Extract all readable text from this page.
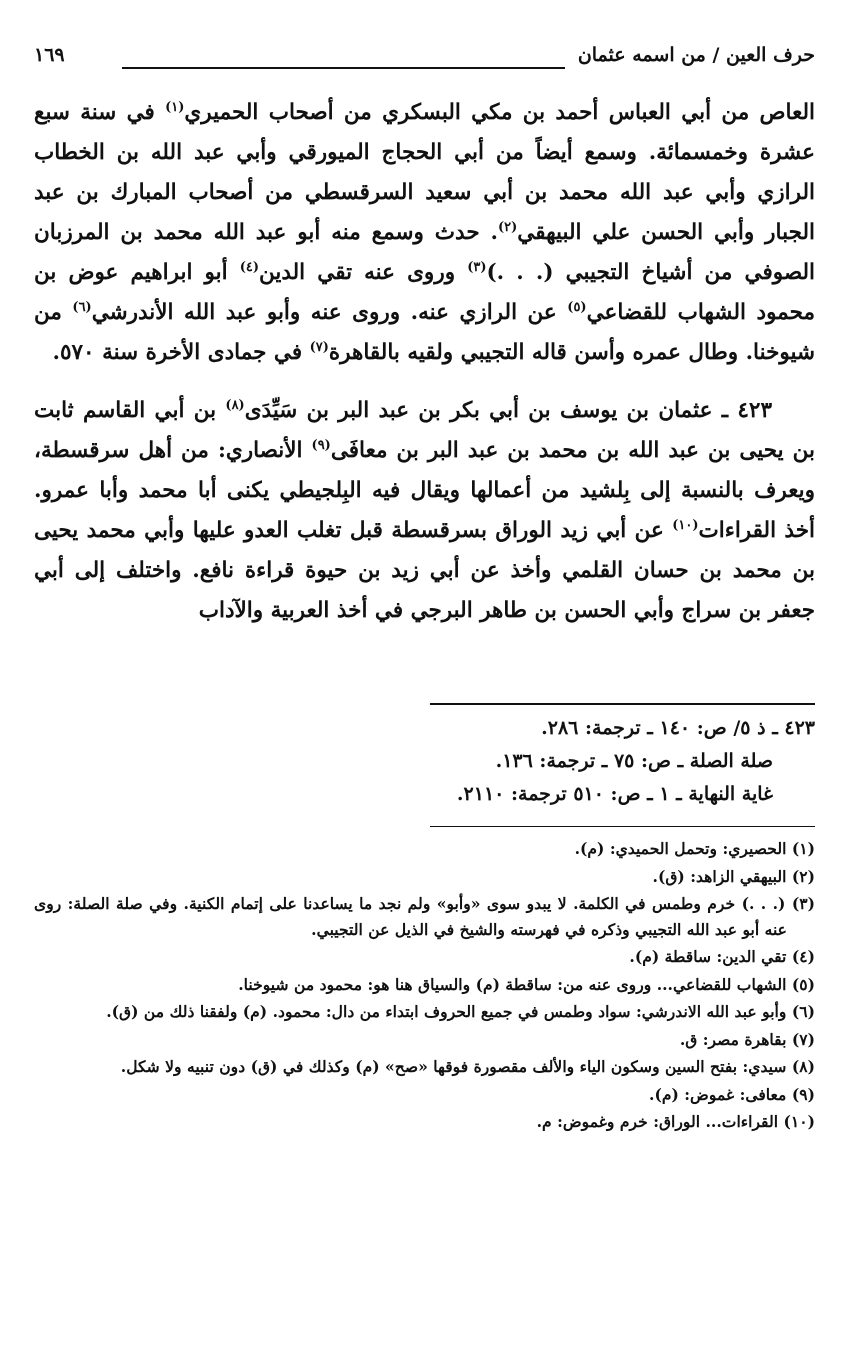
حرف العين / من اسمه عثمان
١٦٩

العاص من أبي العباس أحمد بن مكي البسكري من أصحاب الحميري$^{(١)}$ في سنة سبع عشرة وخمسمائة. وسمع أيضاً من أبي الحجاج الميورقي وأبي عبد الله بن الخطاب الرازي وأبي عبد الله محمد بن أبي سعيد السرقسطي من أصحاب المبارك بن عبد الجبار وأبي الحسن علي البيهقي$^{(٢)}$. حدث وسمع منه أبو عبد الله محمد بن المرزبان الصوفي من أشياخ التجيبي (. . .)$^{(٣)}$ وروى عنه تقي الدين$^{(٤)}$ أبو ابراهيم عوض بن محمود الشهاب للقضاعي$^{(٥)}$ عن الرازي عنه. وروى عنه وأبو عبد الله الأندرشي$^{(٦)}$ من شيوخنا. وطال عمره وأسن قاله التجيبي ولقيه بالقاهرة$^{(٧)}$ في جمادى الأخرة سنة ٥٧٠.

٤٢٣ ـ عثمان بن يوسف بن أبي بكر بن عبد البر بن سَيِّدَى$^{(٨)}$ بن أبي القاسم ثابت بن يحيى بن عبد الله بن محمد بن عبد البر بن معافَى$^{(٩)}$ الأنصاري: من أهل سرقسطة، ويعرف بالنسبة إلى بِلشيد من أعمالها ويقال فيه البِلجيطي يكنى أبا محمد وأبا عمرو. أخذ القراءات$^{(١٠)}$ عن أبي زيد الوراق بسرقسطة قبل تغلب العدو عليها وأبي محمد يحيى بن محمد بن حسان القلمي وأخذ عن أبي زيد بن حيوة قراءة نافع. واختلف إلى أبي جعفر بن سراج وأبي الحسن بن طاهر البرجي في أخذ العربية والآداب

٤٢٣ ـ ذ ٥/ ص: ١٤٠ ـ ترجمة: ٢٨٦.

صلة الصلة ـ ص: ٧٥ ـ ترجمة: ١٣٦.

غاية النهاية ـ ١ ـ ص: ٥١٠ ترجمة: ٢١١٠.

(١) الحصيري: وتحمل الحميدي: (م).

(٢) البيهقي الزاهد: (ق).

(٣) (. . .) خرم وطمس في الكلمة. لا يبدو سوى «وأبو» ولم نجد ما يساعدنا على إتمام الكنية. وفي صلة الصلة: روى عنه أبو عبد الله التجيبي وذكره في فهرسته والشيخ في الذيل عن التجيبي.

(٤) تقي الدين: ساقطة (م).

(٥) الشهاب للقضاعي... وروى عنه من: ساقطة (م) والسياق هنا هو: محمود من شيوخنا.

(٦) وأبو عبد الله الاندرشي: سواد وطمس في جميع الحروف ابتداء من دال: محمود. (م) ولفقنا ذلك من (ق).

(٧) بقاهرة مصر: ق.

(٨) سيدي: بفتح السين وسكون الياء والألف مقصورة فوقها «صح» (م) وكذلك في (ق) دون تنبيه ولا شكل.

(٩) معافى: غموض: (م).

(١٠) القراءات... الوراق: خرم وغموض: م.
